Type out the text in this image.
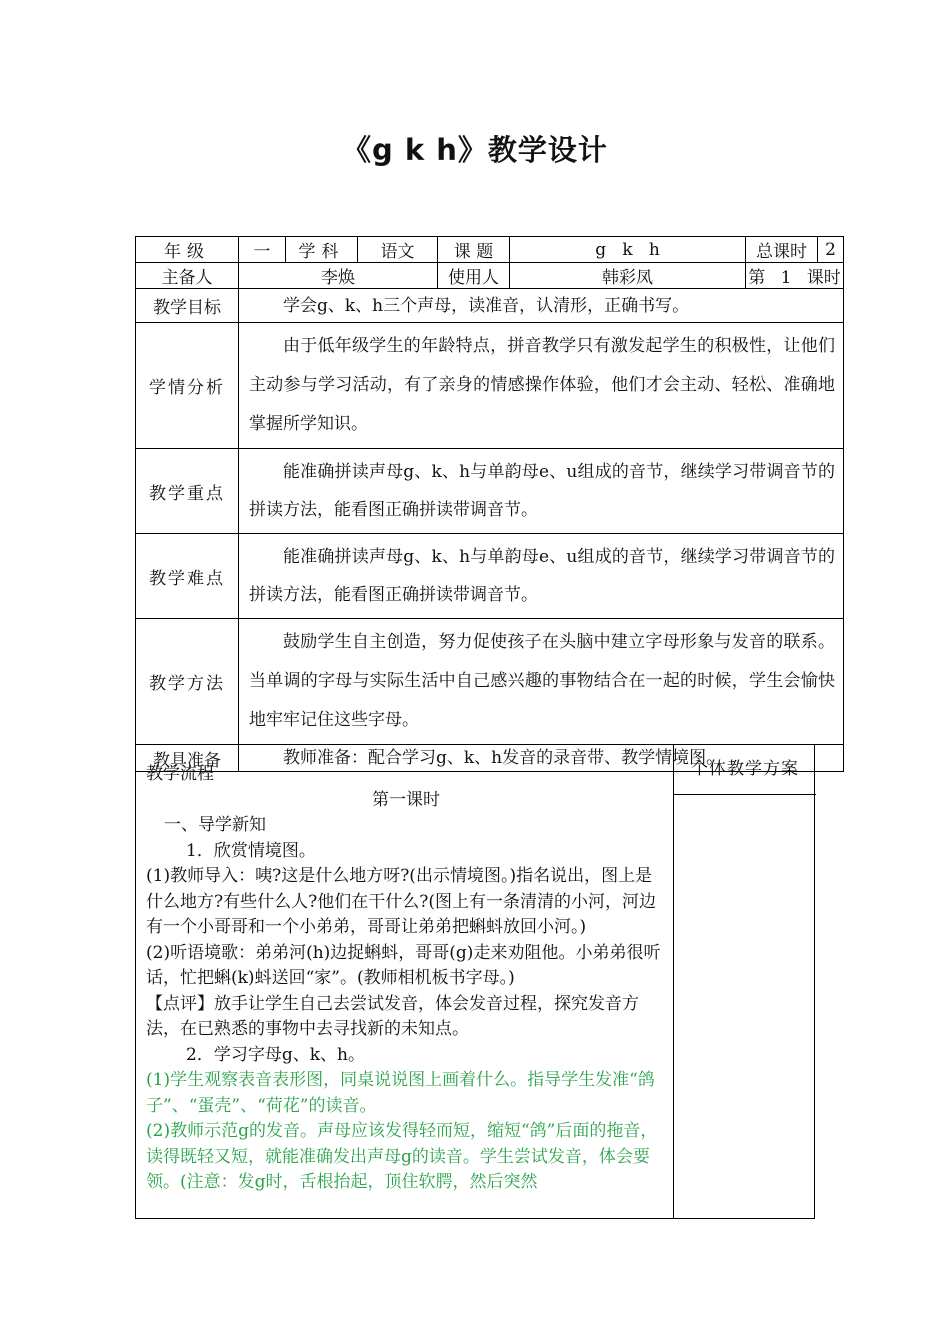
《g k h》教学设计
年级	一	学科	语文	课 题	g   k   h	总课时	2
主备人	李焕			使用人	韩彩凤	第 1 课时	
教学目标	学会g、k、h三个声母，读准音，认清形，正确书写。						
学情分析	由于低年级学生的年龄特点，拼音教学只有激发起学生的积极性，让他们主动参与学习活动，有了亲身的情感操作体验，他们才会主动、轻松、准确地掌握所学知识。						
教学重点	能准确拼读声母g、k、h与单韵母e、u组成的音节，继续学习带调音节的拼读方法，能看图正确拼读带调音节。						
教学难点	能准确拼读声母g、k、h与单韵母e、u组成的音节，继续学习带调音节的拼读方法，能看图正确拼读带调音节。						
教学方法	鼓励学生自主创造，努力促使孩子在头脑中建立字母形象与发音的联系。当单调的字母与实际生活中自己感兴趣的事物结合在一起的时候，学生会愉快地牢牢记住这些字母。						
教具准备	教师准备：配合学习g、k、h发音的录音带、教学情境图。						
个体教学方案

教学流程

第一课时

一、导学新知

1．欣赏情境图。

(1)教师导入：咦?这是什么地方呀?(出示情境图。)指名说出，图上是什么地方?有些什么人?他们在干什么?(图上有一条清清的小河，河边有一个小哥哥和一个小弟弟，哥哥让弟弟把蝌蚪放回小河。)

(2)听语境歌：弟弟河(h)边捉蝌蚪，哥哥(g)走来劝阻他。小弟弟很听话，忙把蝌(k)蚪送回“家”。(教师相机板书字母。)

【点评】放手让学生自己去尝试发音，体会发音过程，探究发音方法，在已熟悉的事物中去寻找新的未知点。

2．学习字母g、k、h。

(1)学生观察表音表形图，同桌说说图上画着什么。指导学生发准“鸽子”、“蛋壳”、“荷花”的读音。

(2)教师示范g的发音。声母应该发得轻而短，缩短“鸽”后面的拖音，读得既轻又短，就能准确发出声母g的读音。学生尝试发音，体会要领。(注意：发g时，舌根抬起，顶住软腭，然后突然
